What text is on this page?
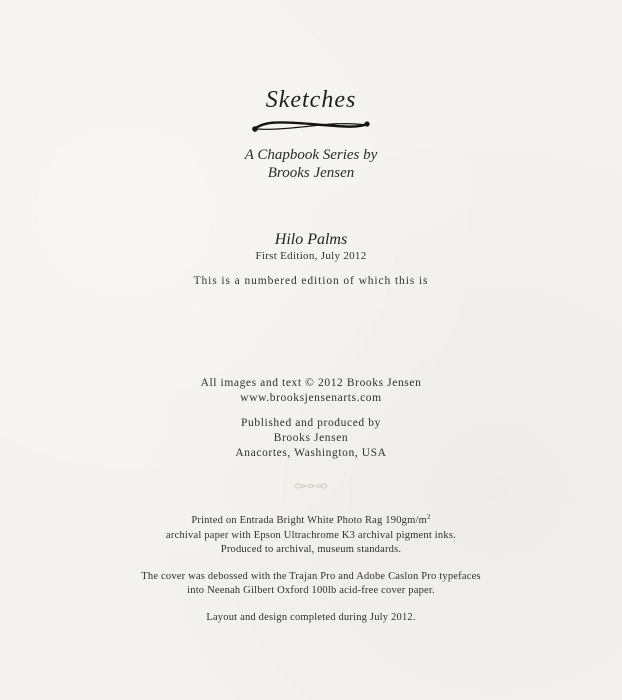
Sketches
A Chapbook Series by
Brooks Jensen
Hilo Palms
First Edition, July 2012
This is a numbered edition of which this is
All images and text © 2012 Brooks Jensen
www.brooksjensenarts.com
Published and produced by
Brooks Jensen
Anacortes, Washington, USA
Printed on Entrada Bright White Photo Rag $190gm/m^2$
archival paper with Epson Ultrachrome K3 archival pigment inks.
Produced to archival, museum standards.
The cover was debossed with the Trajan Pro and Adobe Caslon Pro typefaces
into Neenah Gilbert Oxford 100lb acid-free cover paper.
Layout and design completed during July 2012.
